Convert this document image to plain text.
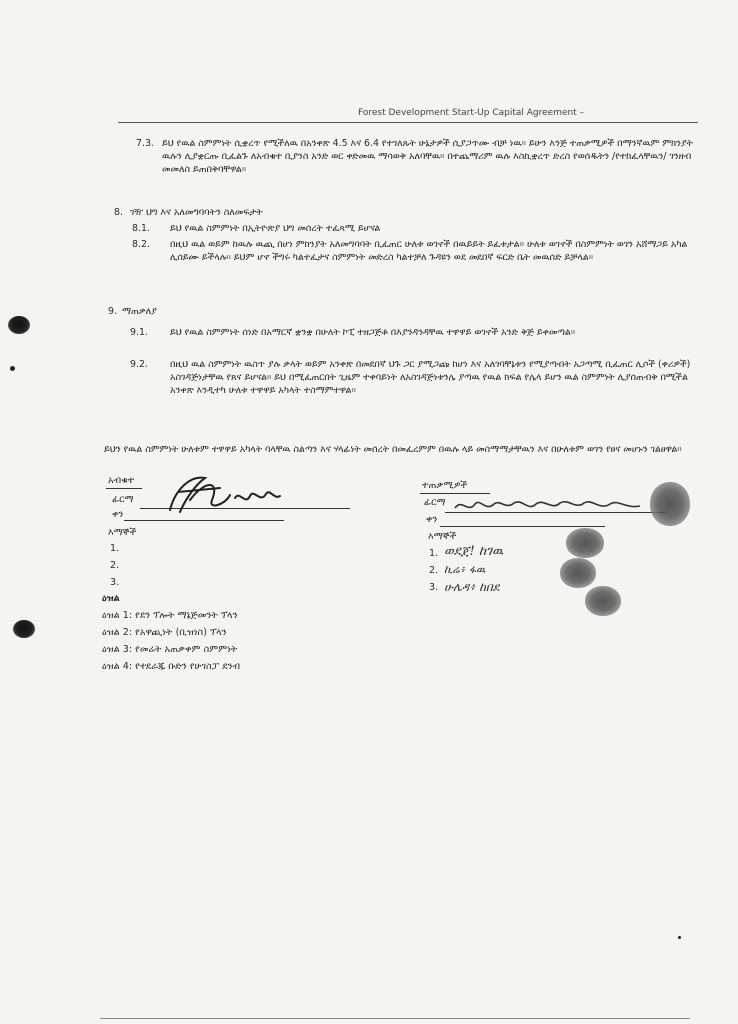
Forest Development Start-Up Capital Agreement –
7.3. ይህ የዉል ስምምነት ሲቋረጥ የሚችለዉ በአንቀጽ 4.5 እና 6.4 የተገለጹት ሁኔታዎች ሲያጋጥሙ ብቻ ነዉ። ይሁን እንጅ ተጠቃሚዎች በማንኛዉም ምክንያት ዉሉን ሊያቋርጡ ቢፈልጉ ለአብቁተ ቢያንስ አንድ ወር ቀድመዉ ማሳወቅ አለባቸዉ። በተጨማሪም ዉሉ እስኪቋረጥ ድረስ የወሰዱትን /የተከፈላቸዉን/ ገንዘብ መመለስ ይጠበቅባቸዋል።

8. ገዥ ህግ እና አለመግባባትን ስለመፍታት
8.1. ይህ የዉል ስምምነት በኢትዮጵያ ህግ መሰረት ተፈጻሚ ይሆናል

8.2. በዚህ ዉል ወይም ከዉሉ ዉጪ በሆነ ምክንያት አለመግባባት ቢፈጠር ሁለቱ ወገኖች በዉይይት ይፈቱታል። ሁለቱ ወገኖች በስምምነት ወገን አሸማጋይ አካል ሊሰይሙ ይችላሉ። ይህም ሆኖ ችግሩ ካልተፈታና ስምምነት መድረስ ካልተቻለ ጉዳዩን ወደ መደበኛ ፍርድ ቤት መዉሰድ ይቻላል።

9. ማጠቃለያ
9.1. ይህ የዉል ስምምነት ሰነድ በአማርኛ ቋንቋ በሁለት ኮፒ ተዘጋጅቶ በእያንዳንዳቸዉ ተዋዋይ ወገኖች አንድ ቅጅ ይቀመጣል።

9.2. በዚህ ዉል ስምምነት ዉስጥ ያሉ ቃላት ወይም አንቀጽ በመደበኛ ህጉ ጋር ያሚጋጩ ከሆነ እና አለገባቸኔቱን የሚያጣብት አጋጣሚ ቢፈጠር ሊሶች (ቀሪዎች) አስገዳጅነታቸዉ የጸና ይሆናል። ይህ በሚፈጠርበት ጊዜም ተቀባይነት ለአስገዳጅነቱንሌ ያጣዉ የዉል ክፍል የሌላ ይሆን ዉል ስምምነት ሊያሰጠብቅ በሚችል አንቀጽ እንዲተካ ሁለቱ ተዋዋይ አካላት ተስማምተዋል።

ይህን የዉል ስምምነት ሁለቱም ተዋዋይ አካላት ባላቸዉ ስልጣን እና ሃላፊነት መሰረት በመፈረምም በዉሉ ላይ መስማማታቸዉን እና በሁለቱም ወገን የፀና መሆኑን ገልፀዋል።

አብቁተ
ፊርማ
ቀን
እማኞች
1.
2.
3.
ተጠቃሚዎች
ፊርማ
ቀን
እማኞች
1. ወደጀ! ከገዉ
2. ኪሬ፥ ፋዉ
3. ሁሌዳ፥ ከበደ
ዕዝል
ዕዝል 1: የደን ፕሎት ማኔጅመንት ፕላን
ዕዝል 2: የአዋጪነት (ቢዝነስ) ፕላን
ዕዝል 3: የመሬት አጠቃቀም ስምምነት
ዕዝል 4: የተደራጁ ቡድን የሁገስፓ ደንብ
